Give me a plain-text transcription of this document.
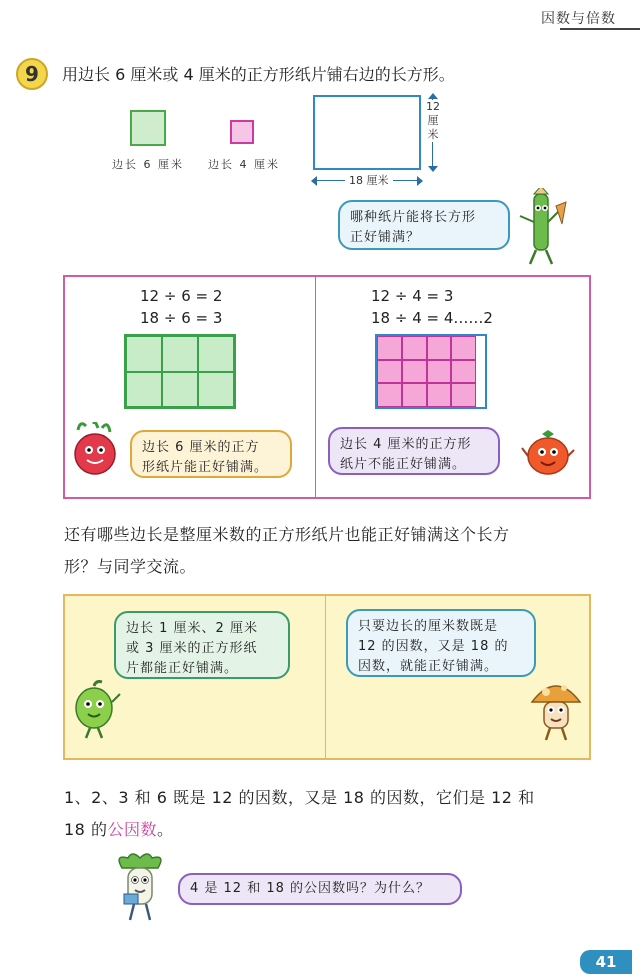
因数与倍数
9	用边长 6 厘米或 4 厘米的正方形纸片铺右边的长方形。
边长 6 厘米 边长 4 厘米
12厘米
18 厘米
哪种纸片能将长方形
正好铺满？
12 ÷ 6 = 2
18 ÷ 6 = 3
12 ÷ 4 = 3
18 ÷ 4 = 4……2
边长 6 厘米的正方
形纸片能正好铺满。
边长 4 厘米的正方形
纸片不能正好铺满。
还有哪些边长是整厘米数的正方形纸片也能正好铺满这个长方
形？与同学交流。
边长 1 厘米、2 厘米
或 3 厘米的正方形纸
片都能正好铺满。
只要边长的厘米数既是
12 的因数，又是 18 的
因数，就能正好铺满。
1、2、3 和 6 既是 12 的因数，又是 18 的因数，它们是 12 和
18 的公因数。
4 是 12 和 18 的公因数吗？为什么？
41
